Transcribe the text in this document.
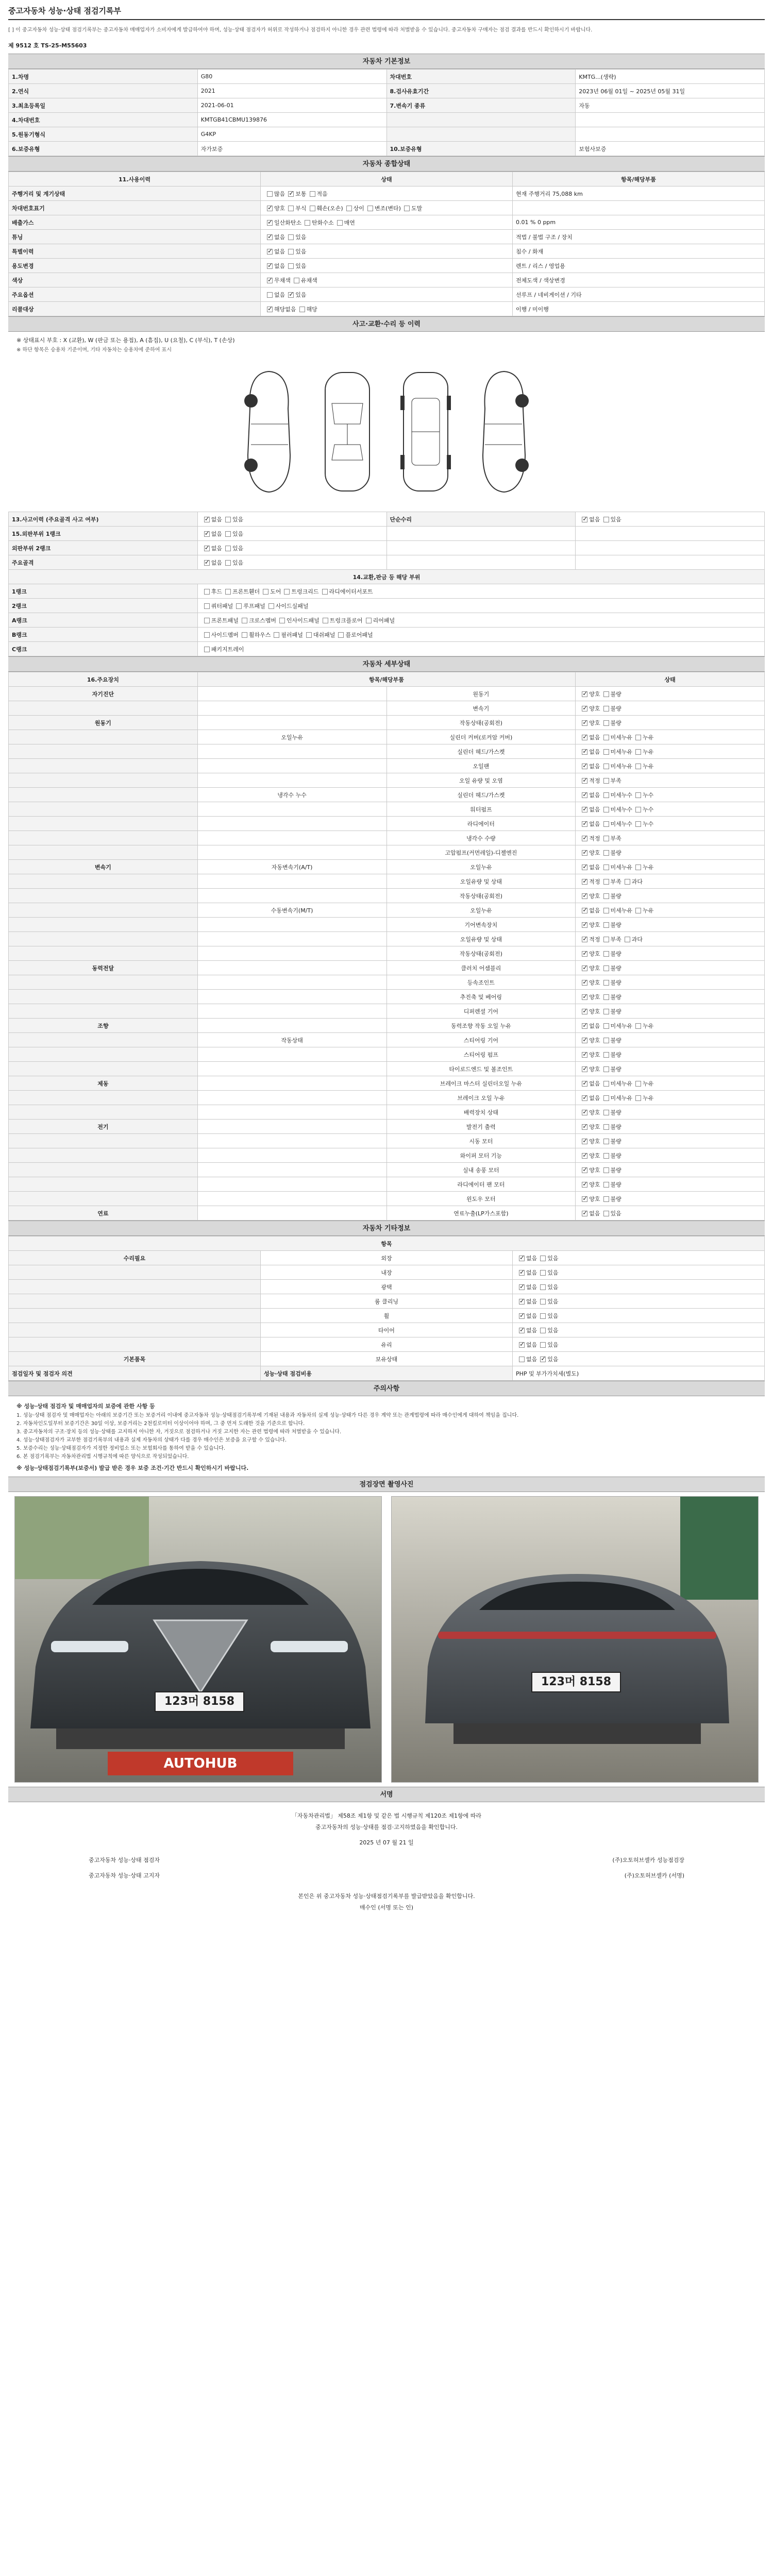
중고자동차 성능·상태 점검기록부
[ ] 이 중고자동차 성능·상태 점검기록부는 중고자동차 매매업자가 소비자에게 발급하여야 하며, 성능·상태 점검자가 허위로 작성하거나 점검하지 아니한 경우 관련 법령에 따라 처벌받을 수 있습니다. 중고자동차 구매자는 점검 결과를 반드시 확인하시기 바랍니다.
제 9512 호 TS-25-M55603
자동차 기본정보
1.차명	G80	차대번호	KMTG...(생략)
2.연식	2021	8.검사유효기간	2023년 06월 01일 ~ 2025년 05월 31일
3.최초등록일	2021-06-01	7.변속기 종류	자동
4.차대번호	KMTGB41CBMU139876		
5.원동기형식	G4KP		
6.보증유형	자가보증	10.보증유형	보험사보증
자동차 종합상태
11.사용이력	상태	항목/해당부품
주행거리 및 계기상태	많음 ✓ 보통 적음	현재 주행거리 75,088 km
차대번호표기	✓양호 부식 훼손(오손) 상이 변조(변타) 도말	
배출가스	✓일산화탄소 탄화수소 매연	0.01 % 0 ppm
튜닝	✓없음 있음	적법 / 불법 구조 / 장치
특별이력	✓없음 있음	침수 / 화재
용도변경	✓없음 있음	렌트 / 리스 / 영업용
색상	✓무채색 유채색	전체도색 / 색상변경
주요옵션	없음 ✓ 있음	선루프 / 네비게이션 / 기타
리콜대상	✓해당없음 해당	이행 / 미이행
사고·교환·수리 등 이력
※ 상태표시 부호 : X (교환), W (판금 또는 용접), A (흠집), U (요철), C (부식), T (손상)
※ 하단 항목은 승용차 기준이며, 기타 자동차는 승용차에 준하여 표시
13.사고이력 (주요골격 사고 여부)	✓없음 있음	단순수리	✓없음 있음
15.외판부위 1랭크	✓없음 있음		
외판부위 2랭크	✓없음 있음		
주요골격	✓없음 있음		
14.교환,판금 등 해당 부위			
1랭크	후드 프론트휀더 도어 트렁크리드 라디에이터서포트		
2랭크	쿼터패널 루프패널 사이드실패널		
A랭크	프론트패널 크로스멤버 인사이드패널 트렁크플로어 리어패널		
B랭크	사이드멤버 휠하우스 필러패널 대쉬패널 플로어패널		
C랭크	패키지트레이		
자동차 세부상태
16.주요장치	항목/해당부품		상태
자기진단		원동기	✓양호 불량
		변속기	✓양호 불량
원동기		작동상태(공회전)	✓양호 불량
	오일누유	실린더 커버(로커암 커버)	✓없음 미세누유 누유
		실린더 헤드/가스켓	✓없음 미세누유 누유
		오일팬	✓없음 미세누유 누유
		오일 유량 및 오염	✓적정 부족
	냉각수 누수	실린더 헤드/가스켓	✓없음 미세누수 누수
		워터펌프	✓없음 미세누수 누수
		라디에이터	✓없음 미세누수 누수
		냉각수 수량	✓적정 부족
		고압펌프(커먼레일)-디젤엔진	✓양호 불량
변속기	자동변속기(A/T)	오일누유	✓없음 미세누유 누유
		오일유량 및 상태	✓적정 부족 과다
		작동상태(공회전)	✓양호 불량
	수동변속기(M/T)	오일누유	✓없음 미세누유 누유
		기어변속장치	✓양호 불량
		오일유량 및 상태	✓적정 부족 과다
		작동상태(공회전)	✓양호 불량
동력전달		클러치 어셈블리	✓양호 불량
		등속조인트	✓양호 불량
		추진축 및 베어링	✓양호 불량
		디퍼렌셜 기어	✓양호 불량
조향		동력조향 작동 오일 누유	✓없음 미세누유 누유
	작동상태	스티어링 기어	✓양호 불량
		스티어링 펌프	✓양호 불량
		타이로드엔드 및 볼조인트	✓양호 불량
제동		브레이크 마스터 실린더오일 누유	✓없음 미세누유 누유
		브레이크 오일 누유	✓없음 미세누유 누유
		배력장치 상태	✓양호 불량
전기		발전기 출력	✓양호 불량
		시동 모터	✓양호 불량
		와이퍼 모터 기능	✓양호 불량
		실내 송풍 모터	✓양호 불량
		라디에이터 팬 모터	✓양호 불량
		윈도우 모터	✓양호 불량
연료		연료누출(LP가스포함)	✓없음 있음
자동차 기타정보
항목		
수리필요	외장	✓없음 있음
	내장	✓없음 있음
	광택	✓없음 있음
	룸 클리닝	✓없음 있음
	휠	✓없음 있음
	타이어	✓없음 있음
	유리	✓없음 있음
기본품목	보유상태	없음 ✓ 있음
점검일자 및 점검자 의견	성능·상태 점검비용	PHP 및 부가가치세(별도)
주의사항
※ 성능·상태 점검자 및 매매업자의 보증에 관한 사항 등
1. 성능·상태 점검자 및 매매업자는 아래의 보증기간 또는 보증거리 이내에 중고자동차 성능·상태점검기록부에 기재된 내용과 자동차의 실제 성능·상태가 다른 경우 계약 또는 관계법령에 따라 매수인에게 대하여 책임을 집니다.
2. 자동차인도일부터 보증기간은 30일 이상, 보증거리는 2천킬로미터 이상이어야 하며, 그 중 먼저 도래한 것을 기준으로 합니다.
3. 중고자동차의 구조·장치 등의 성능·상태를 고지하지 아니한 자, 거짓으로 점검하거나 거짓 고지한 자는 관련 법령에 따라 처벌받을 수 있습니다.
4. 성능·상태점검자가 교부한 점검기록부의 내용과 실제 자동차의 상태가 다를 경우 매수인은 보증을 요구할 수 있습니다.
5. 보증수리는 성능·상태점검자가 지정한 정비업소 또는 보험회사를 통하여 받을 수 있습니다.
6. 본 점검기록부는 자동차관리법 시행규칙에 따른 양식으로 작성되었습니다.
※ 성능·상태점검기록부(보증서) 발급 받은 경우 보증 조건·기간 반드시 확인하시기 바랍니다.
점검장면 촬영사진
123머 8158
AUTOHUB
123머 8158
서명
「자동차관리법」 제58조 제1항 및 같은 법 시행규칙 제120조 제1항에 따라
중고자동차의 성능·상태를 점검·고지하였음을 확인합니다.
2025 년 07 월 21 일
중고자동차 성능·상태 점검자	(주)오토허브셀카 성능점검장
중고자동차 성능·상태 고지자	(주)오토허브셀카 (서명)
본인은 위 중고자동차 성능·상태점검기록부를 발급받았음을 확인합니다.
매수인 (서명 또는 인)
